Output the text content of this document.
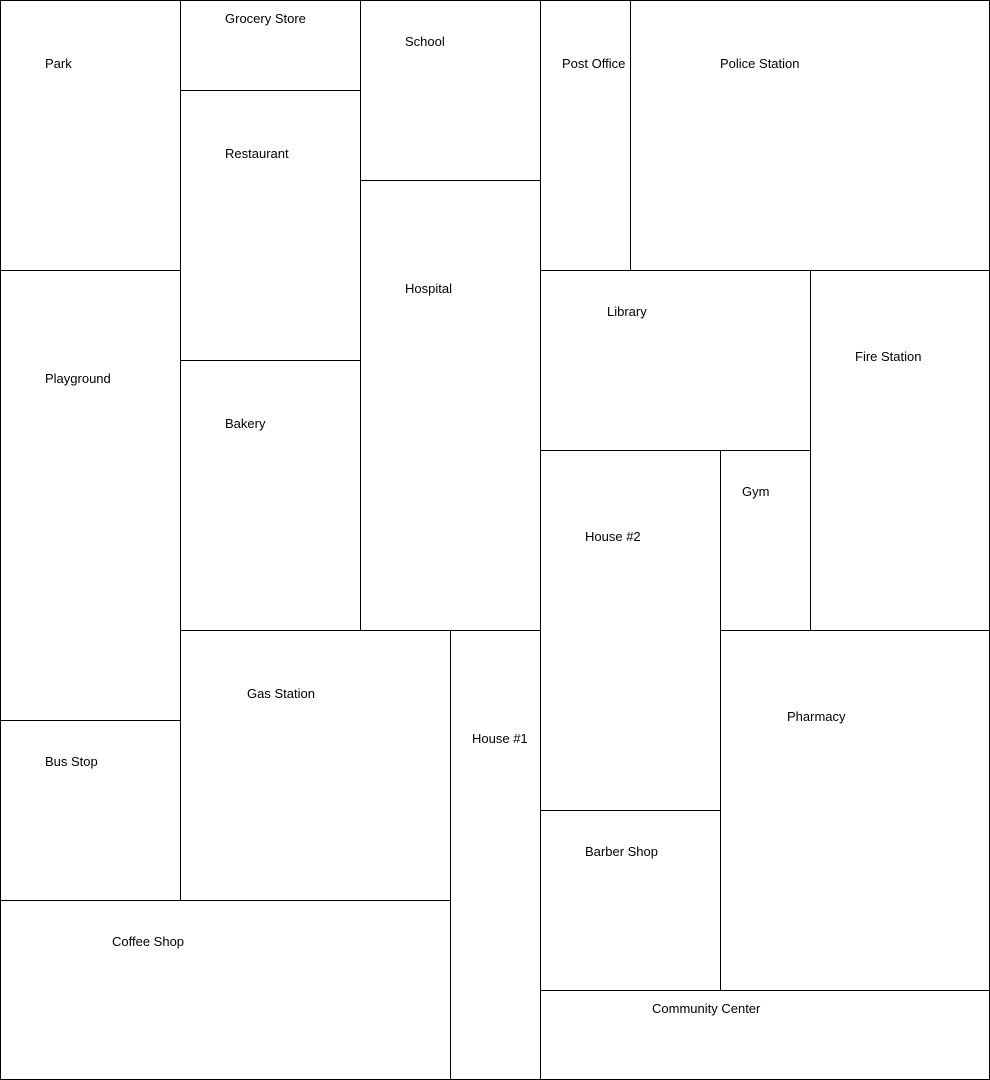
Park
Grocery Store
School
Post Office	Police Station
Restaurant
Hospital
Playground
Library
Fire Station
Bakery
House #2
Gym
Gas Station
House #1
Pharmacy
Bus Stop
Barber Shop
Coffee Shop
Community Center
